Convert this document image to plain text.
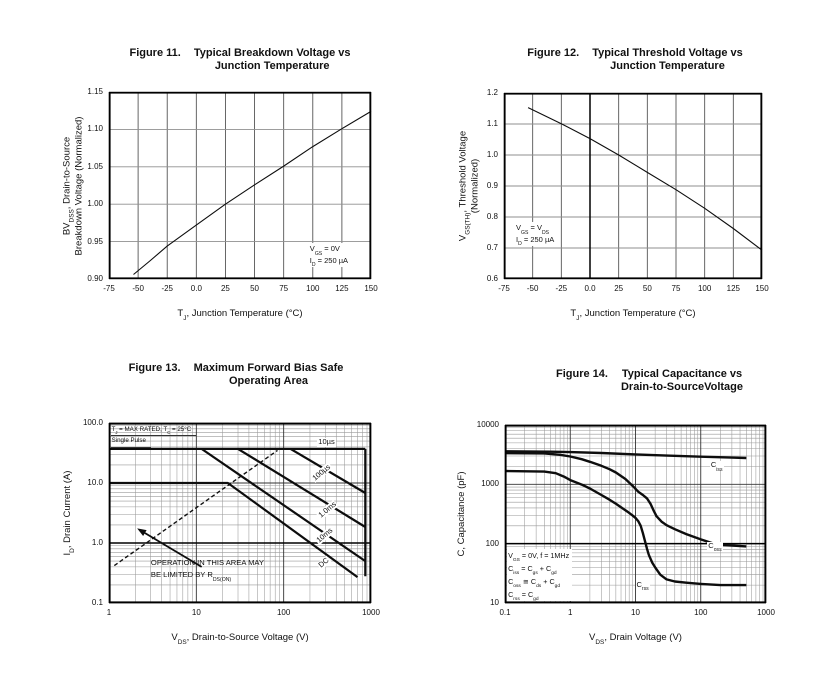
Figure 11. Typical Breakdown Voltage vs
Junction Temperature
$BV_{DSS}$, Drain-to-Source Breakdown Voltage (Normalized)
$T_J$, Junction Temperature (°C)
-75	-50	-25	0.0	25	50	75	100	125	150
0.90
0.95
1.00
1.05
1.10
1.15
$V_{GS} = 0V$
$I_D = 250$ µA
Figure 12. Typical Threshold Voltage vs
Junction Temperature
$V_{GS(TH)}$, Threshold Voltage (Normalized)
$T_J$, Junction Temperature (°C)
-75	-50	-25	0.0	25	50	75	100	125	150
0.6
0.7
0.8
0.9
1.0
1.1
1.2
$V_{GS} = V_{DS}$
$I_D = 250$ µA
Figure 13. Maximum Forward Bias Safe
Operating Area
$I_D$, Drain Current (A)
$V_{DS}$, Drain-to-Source Voltage (V)
1	10	100	1000
0.1
1.0
10.0
100.0
$T_J$ = MAX RATED, $T_C = 25^\circ C$
Single Pulse
OPERATION IN THIS AREA MAY
BE LIMITED BY $R_{DS(ON)}$
10µs
100µs
1.0ms
10ms
DC
Figure 14. Typical Capacitance vs
Drain-to-SourceVoltage
C, Capacitance (pF)
$V_{DS}$, Drain Voltage (V)
0.1	1	10	100	1000
10
100
1000
10000
$V_{GS} = 0V$, f = 1MHz
$C_{iss} = C_{gs} + C_{gd}$
$C_{oss}$ ≅ $C_{ds} + C_{gd}$
$C_{rss} = C_{gd}$
$C_{iss}$
$C_{oss}$
$C_{rss}$
